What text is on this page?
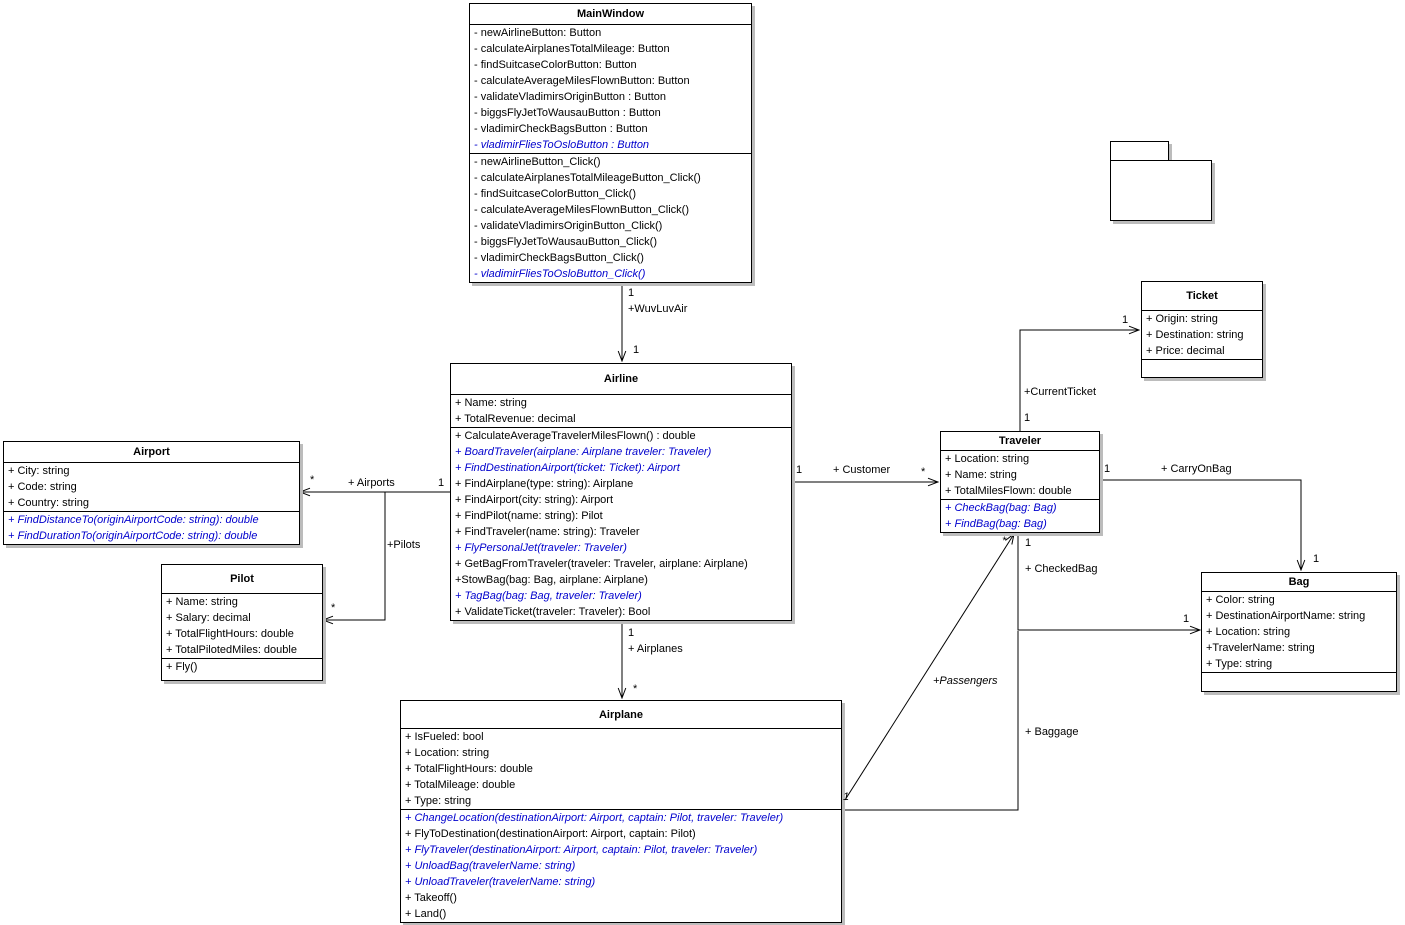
MainWindow
- newAirlineButton: Button
- calculateAirplanesTotalMileage: Button
- findSuitcaseColorButton: Button
- calculateAverageMilesFlownButton: Button
- validateVladimirsOriginButton : Button
- biggsFlyJetToWausauButton : Button
- vladimirCheckBagsButton : Button
- vladimirFliesToOsloButton : Button
- newAirlineButton_Click()
- calculateAirplanesTotalMileageButton_Click()
- findSuitcaseColorButton_Click()
- calculateAverageMilesFlownButton_Click()
- validateVladimirsOriginButton_Click()
- biggsFlyJetToWausauButton_Click()
- vladimirCheckBagsButton_Click()
- vladimirFliesToOsloButton_Click()
Airline
+ Name: string
+ TotalRevenue: decimal
+ CalculateAverageTravelerMilesFlown() : double
+ BoardTraveler(airplane: Airplane traveler: Traveler)
+ FindDestinationAirport(ticket: Ticket): Airport
+ FindAirplane(type: string): Airplane
+ FindAirport(city: string): Airport
+ FindPilot(name: string): Pilot
+ FindTraveler(name: string): Traveler
+ FlyPersonalJet(traveler: Traveler)
+ GetBagFromTraveler(traveler: Traveler, airplane: Airplane)
+StowBag(bag: Bag, airplane: Airplane)
+ TagBag(bag: Bag, traveler: Traveler)
+ ValidateTicket(traveler: Traveler): Bool
Airport
+ City: string
+ Code: string
+ Country: string
+ FindDistanceTo(originAirportCode: string): double
+ FindDurationTo(originAirportCode: string): double
Pilot
+ Name: string
+ Salary: decimal
+ TotalFlightHours: double
+ TotalPilotedMiles: double
+ Fly()
Traveler
+ Location: string
+ Name: string
+ TotalMilesFlown: double
+ CheckBag(bag: Bag)
+ FindBag(bag: Bag)
Ticket
+ Origin: string
+ Destination: string
+ Price: decimal
Bag
+ Color: string
+ DestinationAirportName: string
+ Location: string
+TravelerName: string
+ Type: string
Airplane
+ IsFueled: bool
+ Location: string
+ TotalFlightHours: double
+ TotalMileage: double
+ Type: string
+ ChangeLocation(destinationAirport: Airport, captain: Pilot, traveler: Traveler)
+ FlyToDestination(destinationAirport: Airport, captain: Pilot)
+ FlyTraveler(destinationAirport: Airport, captain: Pilot, traveler: Traveler)
+ UnloadBag(travelerName: string)
+ UnloadTraveler(travelerName: string)
+ Takeoff()
+ Land()
1
+WuvLuvAir
1
1	+ Customer	*
1
+ Airports
*
+Pilots
*
1
+ Airplanes
*
+CurrentTicket
1
1
1	+ CarryOnBag
1
1
+ CheckedBag
1
+ Baggage
1
*
+Passengers
